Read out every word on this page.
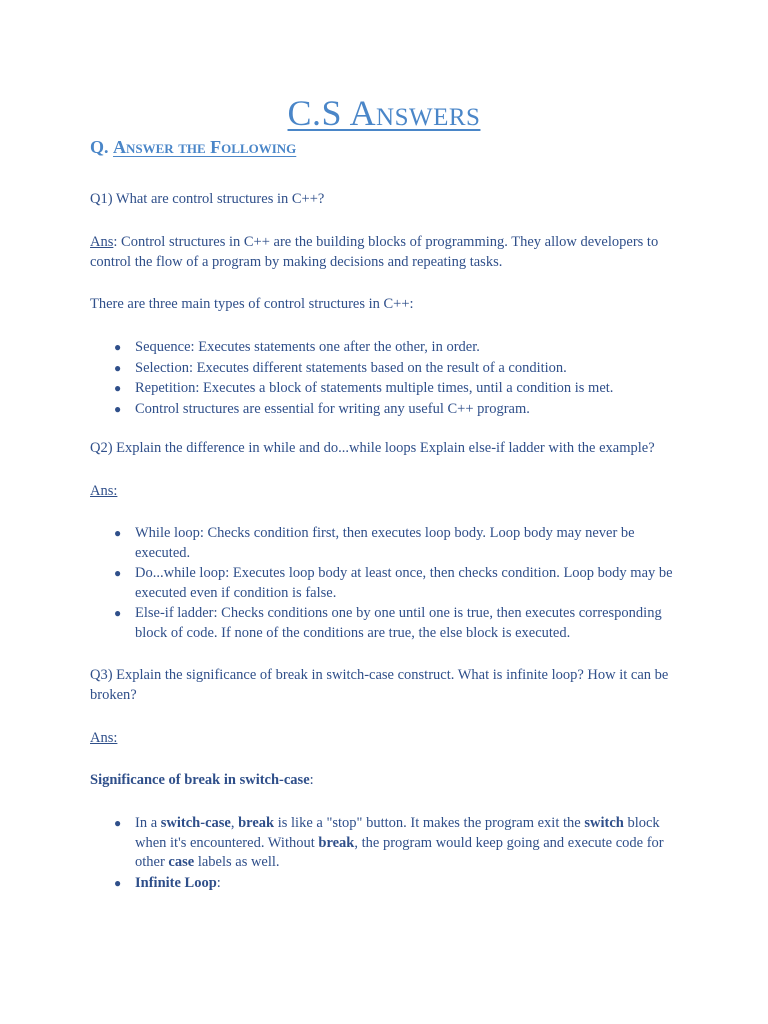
C.S Answers
Q. Answer the Following

Q1) What are control structures in C++?

Ans: Control structures in C++ are the building blocks of programming. They allow developers to control the flow of a program by making decisions and repeating tasks.

There are three main types of control structures in C++:

● Sequence: Executes statements one after the other, in order.
● Selection: Executes different statements based on the result of a condition.
● Repetition: Executes a block of statements multiple times, until a condition is met.
● Control structures are essential for writing any useful C++ program.

Q2) Explain the difference in while and do...while loops Explain else-if ladder with the example?

Ans:

● While loop: Checks condition first, then executes loop body. Loop body may never be executed.
● Do...while loop: Executes loop body at least once, then checks condition. Loop body may be executed even if condition is false.
● Else-if ladder: Checks conditions one by one until one is true, then executes corresponding block of code. If none of the conditions are true, the else block is executed.

Q3) Explain the significance of break in switch-case construct. What is infinite loop? How it can be broken?

Ans:

Significance of break in switch-case:

● In a switch-case, break is like a "stop" button. It makes the program exit the switch block when it's encountered. Without break, the program would keep going and execute code for other case labels as well.
● Infinite Loop:
